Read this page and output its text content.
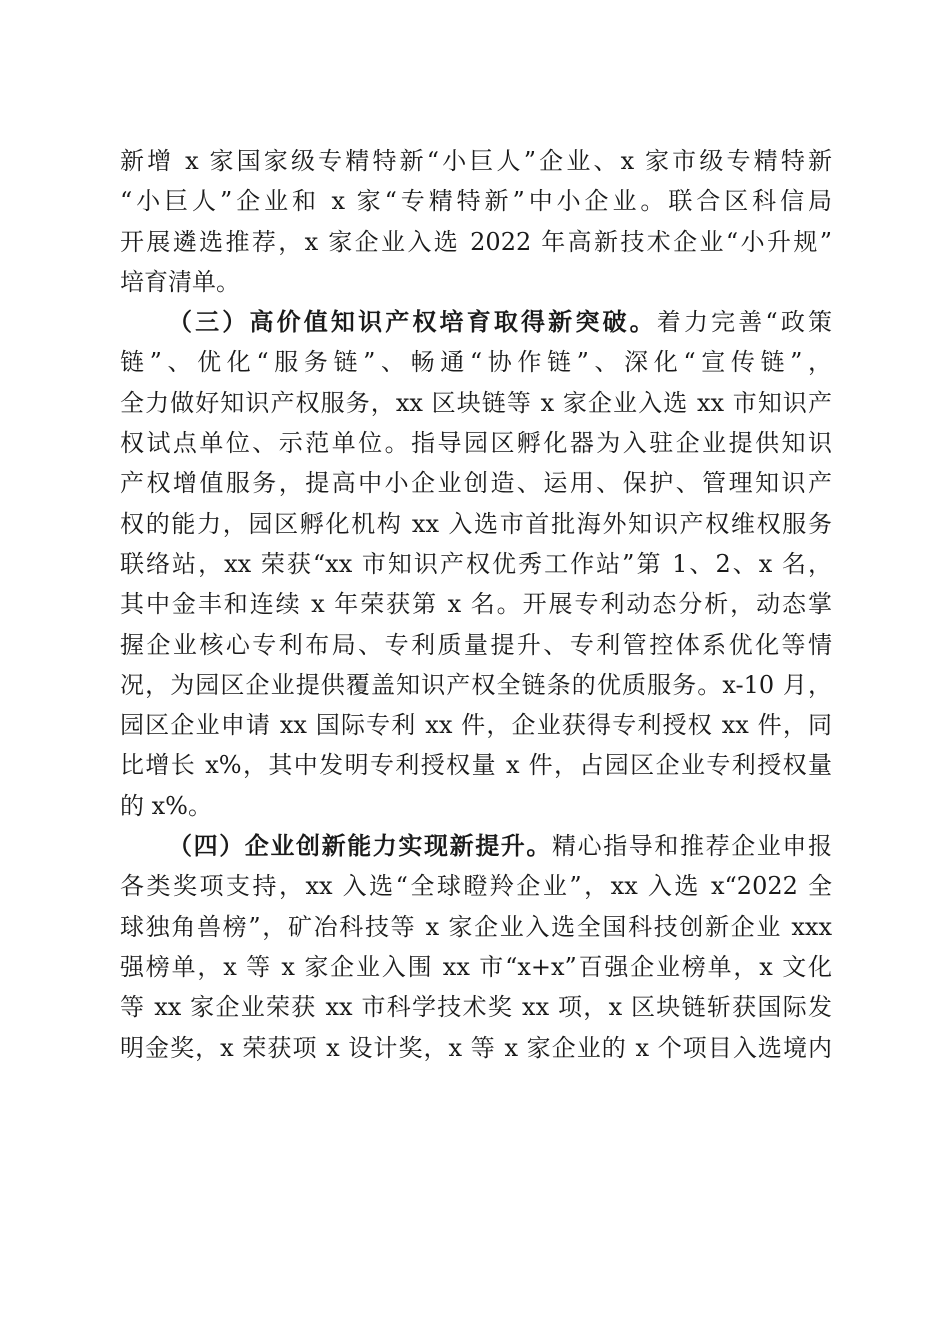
新增 x 家国家级专精特新“小巨人”企业、x 家市级专精特新
“小巨人”企业和 x 家“专精特新”中小企业。联合区科信局
开展遴选推荐，x 家企业入选 2022 年高新技术企业“小升规”
培育清单。
（三）高价值知识产权培育取得新突破。着力完善“政策
链”、优化“服务链”、畅通“协作链”、深化“宣传链”，
全力做好知识产权服务，xx 区块链等 x 家企业入选 xx 市知识产
权试点单位、示范单位。指导园区孵化器为入驻企业提供知识
产权增值服务，提高中小企业创造、运用、保护、管理知识产
权的能力，园区孵化机构 xx 入选市首批海外知识产权维权服务
联络站，xx 荣获“xx 市知识产权优秀工作站”第 1、2、x 名，
其中金丰和连续 x 年荣获第 x 名。开展专利动态分析，动态掌
握企业核心专利布局、专利质量提升、专利管控体系优化等情
况，为园区企业提供覆盖知识产权全链条的优质服务。x-10 月，
园区企业申请 xx 国际专利 xx 件，企业获得专利授权 xx 件，同
比增长 x%，其中发明专利授权量 x 件，占园区企业专利授权量
的 x%。
（四）企业创新能力实现新提升。精心指导和推荐企业申报
各类奖项支持，xx 入选“全球瞪羚企业”，xx 入选 x“2022 全
球独角兽榜”，矿冶科技等 x 家企业入选全国科技创新企业 xxx
强榜单，x 等 x 家企业入围 xx 市“x+x”百强企业榜单，x 文化
等 xx 家企业荣获 xx 市科学技术奖 xx 项，x 区块链斩获国际发
明金奖，x 荣获项 x 设计奖，x 等 x 家企业的 x 个项目入选境内
